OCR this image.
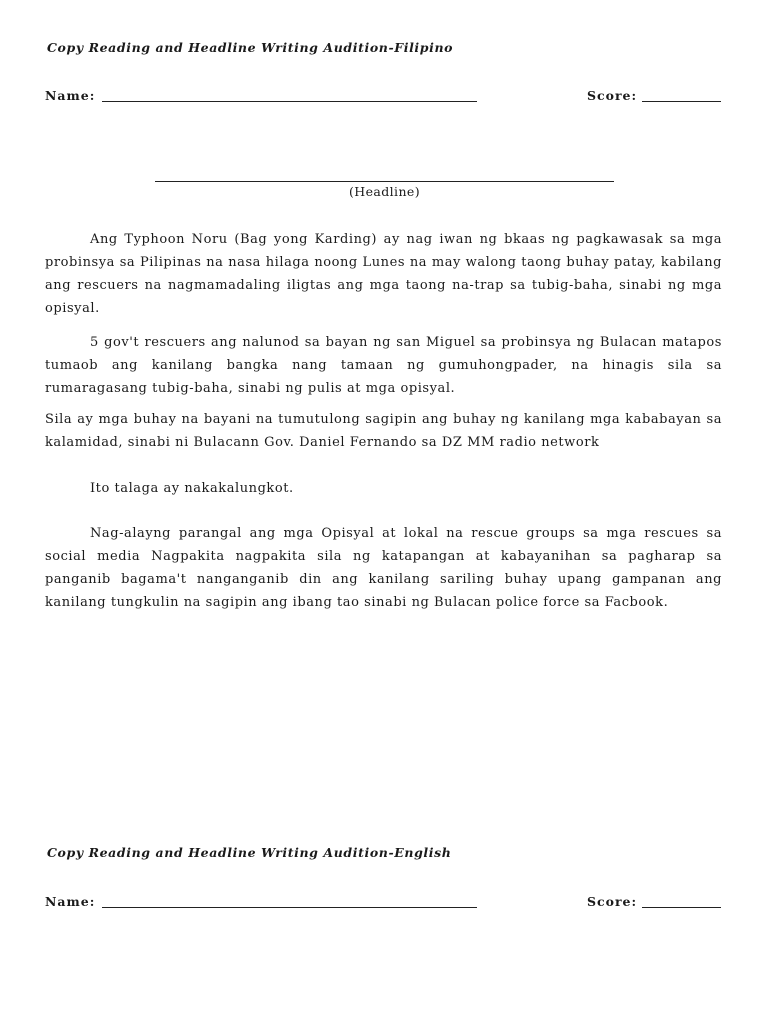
Copy Reading and Headline Writing Audition-Filipino
Name:	Score:
(Headline)

Ang Typhoon Noru (Bag yong Karding) ay nag iwan ng bkaas ng pagkawasak sa mga probinsya sa Pilipinas na nasa hilaga noong Lunes na may walong taong buhay patay, kabilang ang rescuers na nagmamadaling iligtas ang mga taong na-trap sa tubig-baha, sinabi ng mga opisyal.

5 gov't rescuers ang nalunod sa bayan ng san Miguel sa probinsya ng Bulacan matapos tumaob ang kanilang bangka nang tamaan ng gumuhongpader, na hinagis sila sa rumaragasang tubig-baha, sinabi ng pulis at mga opisyal.

Sila ay mga buhay na bayani na tumutulong sagipin ang buhay ng kanilang mga kababayan sa kalamidad, sinabi ni Bulacann Gov. Daniel Fernando sa DZ MM radio network

Ito talaga ay nakakalungkot.

Nag-alayng parangal ang mga Opisyal at lokal na rescue groups sa mga rescues sa social media Nagpakita nagpakita sila ng katapangan at kabayanihan sa pagharap sa panganib bagama't nanganganib din ang kanilang sariling buhay upang gampanan ang kanilang tungkulin na sagipin ang ibang tao sinabi ng Bulacan police force sa Facbook.

Copy Reading and Headline Writing Audition-English
Name:	Score:
